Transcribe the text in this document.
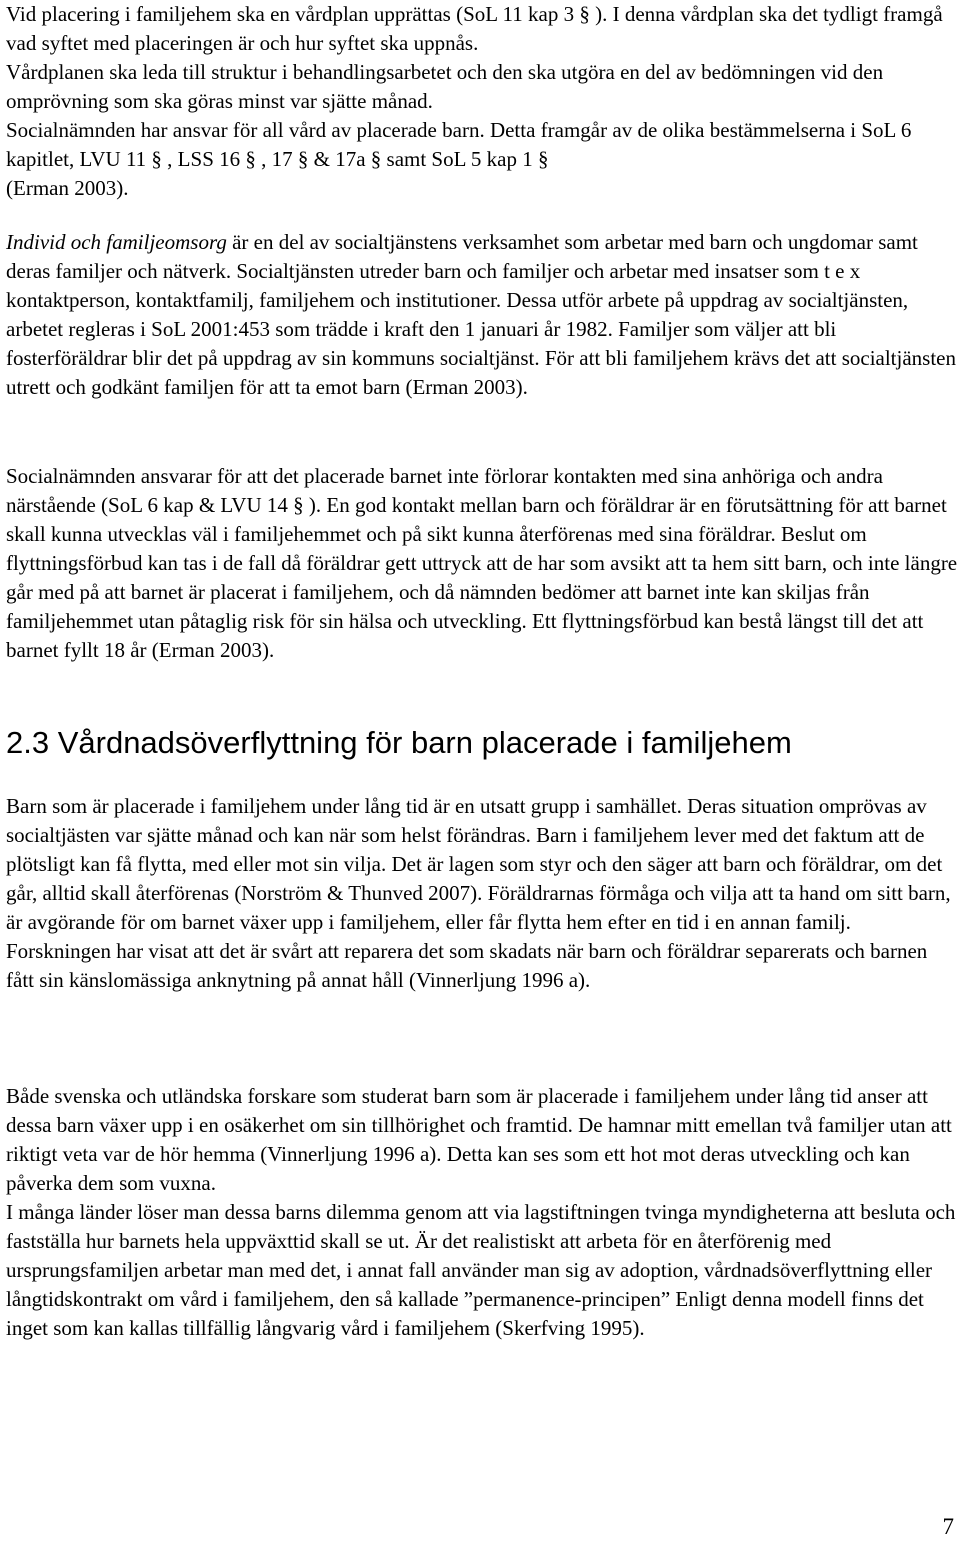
Vid placering i familjehem ska en vårdplan upprättas (SoL 11 kap 3 § ). I denna vårdplan ska det tydligt framgå vad syftet med placeringen är och hur syftet ska uppnås.
Vårdplanen ska leda till struktur i behandlingsarbetet och den ska utgöra en del av bedömningen vid den omprövning som ska göras minst var sjätte månad.
Socialnämnden har ansvar för all vård av placerade barn. Detta framgår av de olika bestämmelserna i SoL 6 kapitlet, LVU 11 § , LSS 16 § , 17 § & 17a § samt SoL 5 kap 1 §
(Erman 2003).

Individ och familjeomsorg är en del av socialtjänstens verksamhet som arbetar med barn och ungdomar samt deras familjer och nätverk. Socialtjänsten utreder barn och familjer och arbetar med insatser som t e x kontaktperson, kontaktfamilj, familjehem och institutioner. Dessa utför arbete på uppdrag av socialtjänsten, arbetet regleras i SoL 2001:453 som trädde i kraft den 1 januari år 1982. Familjer som väljer att bli fosterföräldrar blir det på uppdrag av sin kommuns socialtjänst. För att bli familjehem krävs det att socialtjänsten utrett och godkänt familjen för att ta emot barn (Erman 2003).

Socialnämnden ansvarar för att det placerade barnet inte förlorar kontakten med sina anhöriga och andra närstående (SoL 6 kap & LVU 14 § ). En god kontakt mellan barn och föräldrar är en förutsättning för att barnet skall kunna utvecklas väl i familjehemmet och på sikt kunna återförenas med sina föräldrar. Beslut om flyttningsförbud kan tas i de fall då föräldrar gett uttryck att de har som avsikt att ta hem sitt barn, och inte längre går med på att barnet är placerat i familjehem, och då nämnden bedömer att barnet inte kan skiljas från familjehemmet utan påtaglig risk för sin hälsa och utveckling. Ett flyttningsförbud kan bestå längst till det att barnet fyllt 18 år (Erman 2003).

2.3 Vårdnadsöverflyttning för barn placerade i familjehem

Barn som är placerade i familjehem under lång tid är en utsatt grupp i samhället. Deras situation omprövas av socialtjästen var sjätte månad och kan när som helst förändras. Barn i familjehem lever med det faktum att de plötsligt kan få flytta, med eller mot sin vilja. Det är lagen som styr och den säger att barn och föräldrar, om det går, alltid skall återförenas (Norström & Thunved 2007). Föräldrarnas förmåga och vilja att ta hand om sitt barn, är avgörande för om barnet växer upp i familjehem, eller får flytta hem efter en tid i en annan familj. Forskningen har visat att det är svårt att reparera det som skadats när barn och föräldrar separerats och barnen fått sin känslomässiga anknytning på annat håll (Vinnerljung 1996 a).

Både svenska och utländska forskare som studerat barn som är placerade i familjehem under lång tid anser att dessa barn växer upp i en osäkerhet om sin tillhörighet och framtid. De hamnar mitt emellan två familjer utan att riktigt veta var de hör hemma (Vinnerljung 1996 a). Detta kan ses som ett hot mot deras utveckling och kan påverka dem som vuxna.
I många länder löser man dessa barns dilemma genom att via lagstiftningen tvinga myndigheterna att besluta och fastställa hur barnets hela uppväxttid skall se ut. Är det realistiskt att arbeta för en återförenig med ursprungsfamiljen arbetar man med det, i annat fall använder man sig av adoption, vårdnadsöverflyttning eller långtidskontrakt om vård i familjehem, den så kallade ”permanence-principen” Enligt denna modell finns det inget som kan kallas tillfällig långvarig vård i familjehem (Skerfving 1995).

7
